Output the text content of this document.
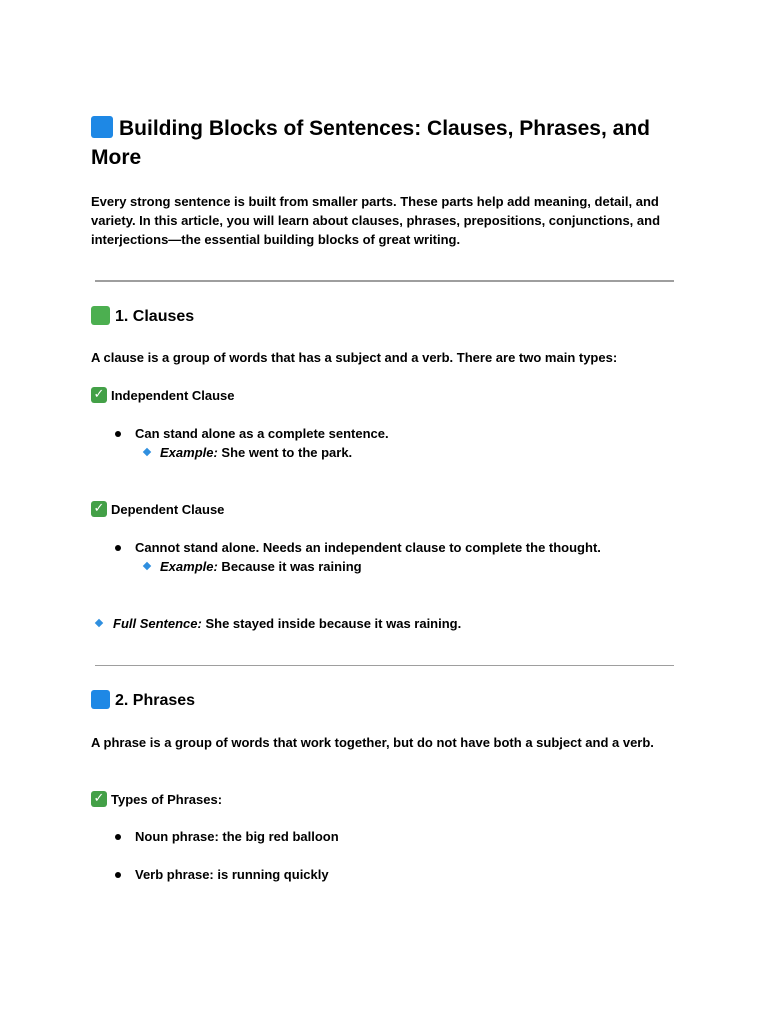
Building Blocks of Sentences: Clauses, Phrases, and More
Every strong sentence is built from smaller parts. These parts help add meaning, detail, and variety. In this article, you will learn about clauses, phrases, prepositions, conjunctions, and interjections—the essential building blocks of great writing.
1. Clauses
A clause is a group of words that has a subject and a verb. There are two main types:
✓ Independent Clause
Can stand alone as a complete sentence.
Example: She went to the park.
✓ Dependent Clause
Cannot stand alone. Needs an independent clause to complete the thought.
Example: Because it was raining
Full Sentence: She stayed inside because it was raining.
2. Phrases
A phrase is a group of words that work together, but do not have both a subject and a verb.
✓ Types of Phrases:
Noun phrase: the big red balloon
Verb phrase: is running quickly
